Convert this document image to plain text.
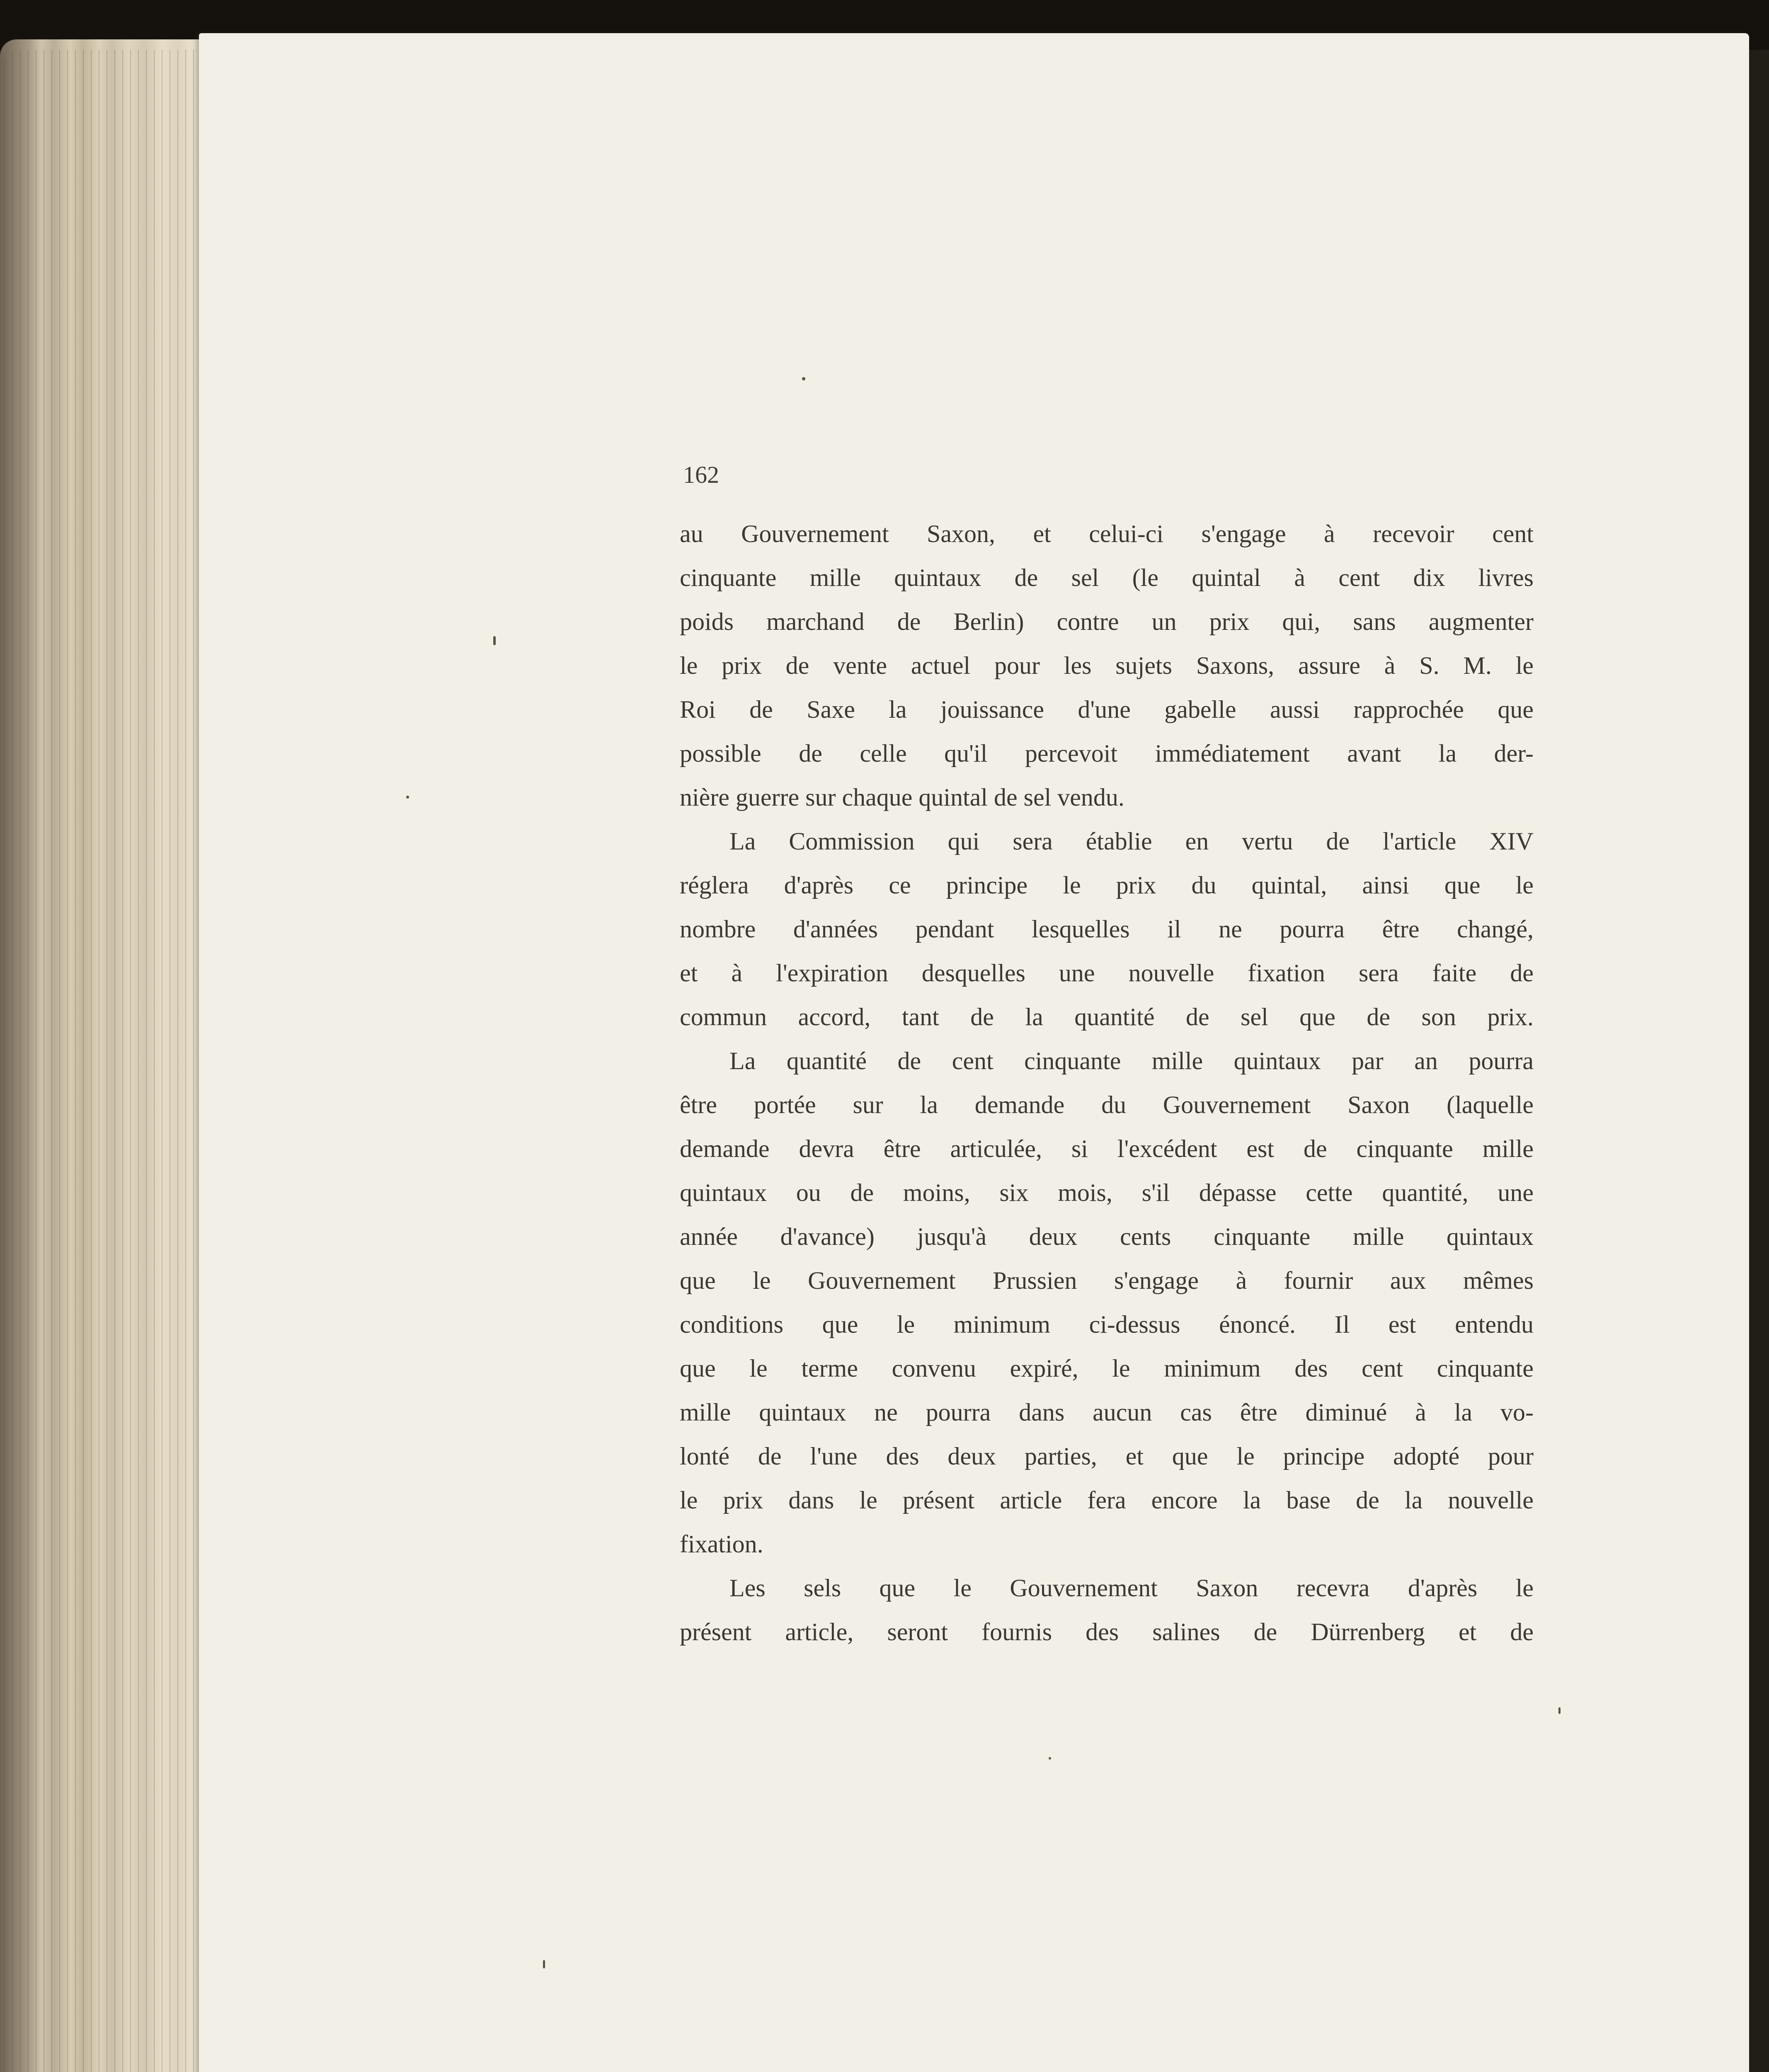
162
au Gouvernement Saxon, et celui-ci s'engage à recevoir cent
cinquante mille quintaux de sel (le quintal à cent dix livres
poids marchand de Berlin) contre un prix qui, sans augmenter
le prix de vente actuel pour les sujets Saxons, assure à S. M. le
Roi de Saxe la jouissance d'une gabelle aussi rapprochée que
possible de celle qu'il percevoit immédiatement avant la der-
nière guerre sur chaque quintal de sel vendu.
La Commission qui sera établie en vertu de l'article XIV
réglera d'après ce principe le prix du quintal, ainsi que le
nombre d'années pendant lesquelles il ne pourra être changé,
et à l'expiration desquelles une nouvelle fixation sera faite de
commun accord, tant de la quantité de sel que de son prix.
La quantité de cent cinquante mille quintaux par an pourra
être portée sur la demande du Gouvernement Saxon (laquelle
demande devra être articulée, si l'excédent est de cinquante mille
quintaux ou de moins, six mois, s'il dépasse cette quantité, une
année d'avance) jusqu'à deux cents cinquante mille quintaux
que le Gouvernement Prussien s'engage à fournir aux mêmes
conditions que le minimum ci-dessus énoncé. Il est entendu
que le terme convenu expiré, le minimum des cent cinquante
mille quintaux ne pourra dans aucun cas être diminué à la vo-
lonté de l'une des deux parties, et que le principe adopté pour
le prix dans le présent article fera encore la base de la nouvelle
fixation.
Les sels que le Gouvernement Saxon recevra d'après le
présent article, seront fournis des salines de Dürrenberg et de
